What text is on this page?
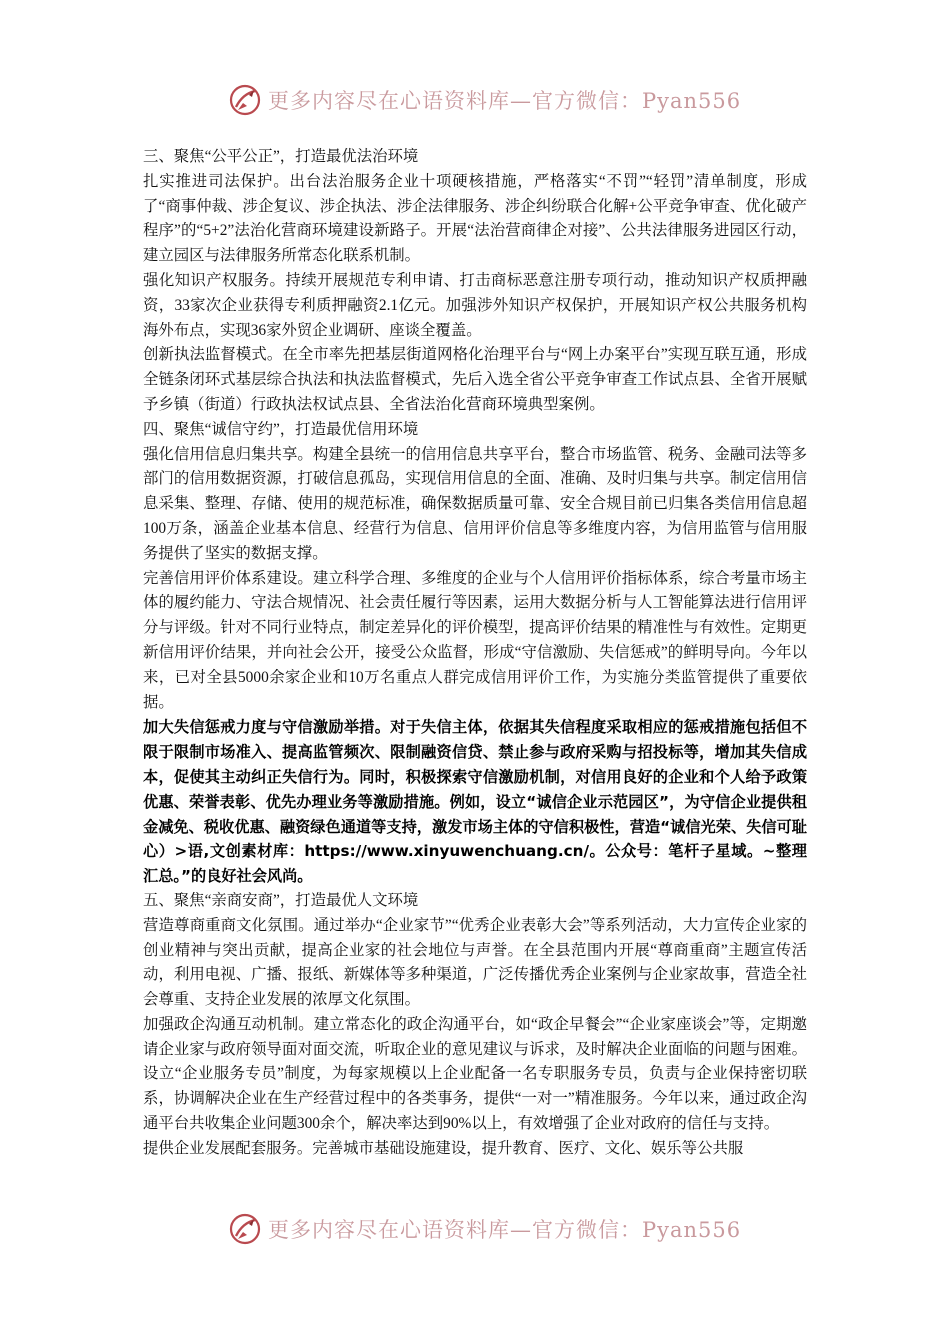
更多内容尽在心语资料库—官方微信：Pyan556

三、聚焦“公平公正”，打造最优法治环境

扎实推进司法保护。出台法治服务企业十项硬核措施，严格落实“不罚”“轻罚”清单制度，形成了“商事仲裁、涉企复议、涉企执法、涉企法律服务、涉企纠纷联合化解+公平竞争审查、优化破产程序”的“5+2”法治化营商环境建设新路子。开展“法治营商律企对接”、公共法律服务进园区行动，建立园区与法律服务所常态化联系机制。

强化知识产权服务。持续开展规范专利申请、打击商标恶意注册专项行动，推动知识产权质押融资，33家次企业获得专利质押融资2.1亿元。加强涉外知识产权保护，开展知识产权公共服务机构海外布点，实现36家外贸企业调研、座谈全覆盖。

创新执法监督模式。在全市率先把基层街道网格化治理平台与“网上办案平台”实现互联互通，形成全链条闭环式基层综合执法和执法监督模式，先后入选全省公平竞争审查工作试点县、全省开展赋予乡镇（街道）行政执法权试点县、全省法治化营商环境典型案例。

四、聚焦“诚信守约”，打造最优信用环境

强化信用信息归集共享。构建全县统一的信用信息共享平台，整合市场监管、税务、金融司法等多部门的信用数据资源，打破信息孤岛，实现信用信息的全面、准确、及时归集与共享。制定信用信息采集、整理、存储、使用的规范标准，确保数据质量可靠、安全合规目前已归集各类信用信息超100万条，涵盖企业基本信息、经营行为信息、信用评价信息等多维度内容，为信用监管与信用服务提供了坚实的数据支撑。

完善信用评价体系建设。建立科学合理、多维度的企业与个人信用评价指标体系，综合考量市场主体的履约能力、守法合规情况、社会责任履行等因素，运用大数据分析与人工智能算法进行信用评分与评级。针对不同行业特点，制定差异化的评价模型，提高评价结果的精准性与有效性。定期更新信用评价结果，并向社会公开，接受公众监督，形成“守信激励、失信惩戒”的鲜明导向。今年以来，已对全县5000余家企业和10万名重点人群完成信用评价工作，为实施分类监管提供了重要依据。

加大失信惩戒力度与守信激励举措。对于失信主体，依据其失信程度采取相应的惩戒措施包括但不限于限制市场准入、提高监管频次、限制融资信贷、禁止参与政府采购与招投标等，增加其失信成本，促使其主动纠正失信行为。同时，积极探索守信激励机制，对信用良好的企业和个人给予政策优惠、荣誉表彰、优先办理业务等激励措施。例如，设立“诚信企业示范园区”，为守信企业提供租金减免、税收优惠、融资绿色通道等支持，激发市场主体的守信积极性，营造“诚信光荣、失信可耻心）>语,文创素材库：https://www.xinyuwenchuang.cn/。公众号：笔杆子星域。~整理汇总。”的良好社会风尚。

五、聚焦“亲商安商”，打造最优人文环境

营造尊商重商文化氛围。通过举办“企业家节”“优秀企业表彰大会”等系列活动，大力宣传企业家的创业精神与突出贡献，提高企业家的社会地位与声誉。在全县范围内开展“尊商重商”主题宣传活动，利用电视、广播、报纸、新媒体等多种渠道，广泛传播优秀企业案例与企业家故事，营造全社会尊重、支持企业发展的浓厚文化氛围。

加强政企沟通互动机制。建立常态化的政企沟通平台，如“政企早餐会”“企业家座谈会”等，定期邀请企业家与政府领导面对面交流，听取企业的意见建议与诉求，及时解决企业面临的问题与困难。设立“企业服务专员”制度，为每家规模以上企业配备一名专职服务专员，负责与企业保持密切联系，协调解决企业在生产经营过程中的各类事务，提供“一对一”精准服务。今年以来，通过政企沟通平台共收集企业问题300余个，解决率达到90%以上，有效增强了企业对政府的信任与支持。

提供企业发展配套服务。完善城市基础设施建设，提升教育、医疗、文化、娱乐等公共服

更多内容尽在心语资料库—官方微信：Pyan556
